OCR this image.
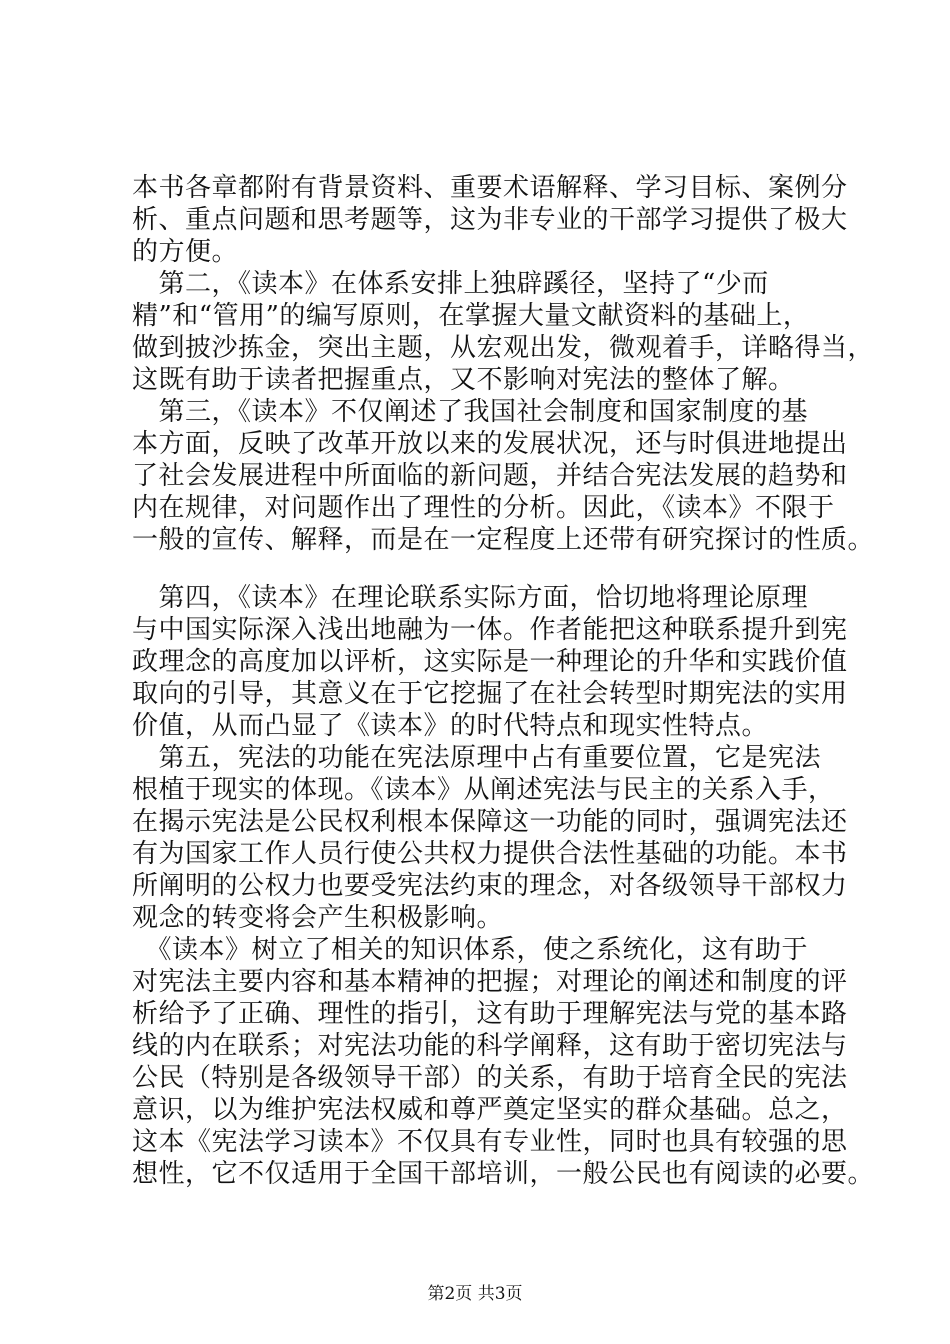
本书各章都附有背景资料、重要术语解释、学习目标、案例分
析、重点问题和思考题等，这为非专业的干部学习提供了极大
的方便。
　第二，《读本》在体系安排上独辟蹊径，坚持了“少而
精”和“管用”的编写原则，在掌握大量文献资料的基础上，
做到披沙拣金，突出主题，从宏观出发，微观着手，详略得当，
这既有助于读者把握重点，又不影响对宪法的整体了解。
　第三，《读本》不仅阐述了我国社会制度和国家制度的基
本方面，反映了改革开放以来的发展状况，还与时俱进地提出
了社会发展进程中所面临的新问题，并结合宪法发展的趋势和
内在规律，对问题作出了理性的分析。因此，《读本》不限于
一般的宣传、解释，而是在一定程度上还带有研究探讨的性质。
　第四，《读本》在理论联系实际方面，恰切地将理论原理
与中国实际深入浅出地融为一体。作者能把这种联系提升到宪
政理念的高度加以评析，这实际是一种理论的升华和实践价值
取向的引导，其意义在于它挖掘了在社会转型时期宪法的实用
价值，从而凸显了《读本》的时代特点和现实性特点。
　第五，宪法的功能在宪法原理中占有重要位置，它是宪法
根植于现实的体现。《读本》从阐述宪法与民主的关系入手，
在揭示宪法是公民权利根本保障这一功能的同时，强调宪法还
有为国家工作人员行使公共权力提供合法性基础的功能。本书
所阐明的公权力也要受宪法约束的理念，对各级领导干部权力
观念的转变将会产生积极影响。
　《读本》树立了相关的知识体系，使之系统化，这有助于
对宪法主要内容和基本精神的把握；对理论的阐述和制度的评
析给予了正确、理性的指引，这有助于理解宪法与党的基本路
线的内在联系；对宪法功能的科学阐释，这有助于密切宪法与
公民（特别是各级领导干部）的关系，有助于培育全民的宪法
意识，以为维护宪法权威和尊严奠定坚实的群众基础。总之，
这本《宪法学习读本》不仅具有专业性，同时也具有较强的思
想性，它不仅适用于全国干部培训，一般公民也有阅读的必要。
第2页 共3页
